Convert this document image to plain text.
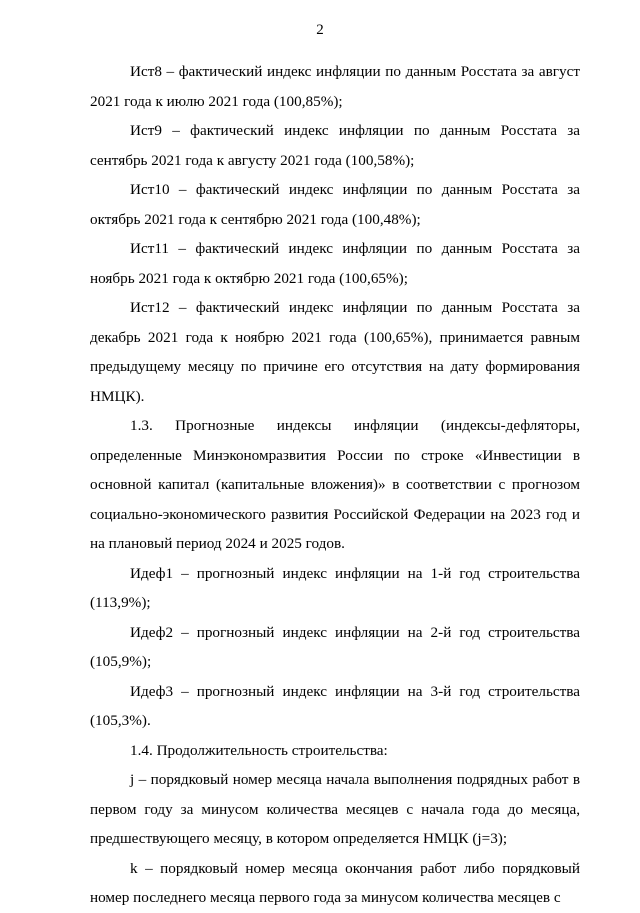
2

Ист8 – фактический индекс инфляции по данным Росстата за август 2021 года к июлю 2021 года (100,85%);

Ист9 – фактический индекс инфляции по данным Росстата за сентябрь 2021 года к августу 2021 года (100,58%);

Ист10 – фактический индекс инфляции по данным Росстата за октябрь 2021 года к сентябрю 2021 года (100,48%);

Ист11 – фактический индекс инфляции по данным Росстата за ноябрь 2021 года к октябрю 2021 года (100,65%);

Ист12 – фактический индекс инфляции по данным Росстата за декабрь 2021 года к ноябрю 2021 года (100,65%), принимается равным предыдущему месяцу по причине его отсутствия на дату формирования НМЦК).

1.3. Прогнозные индексы инфляции (индексы-дефляторы, определенные Минэкономразвития России по строке «Инвестиции в основной капитал (капитальные вложения)» в соответствии с прогнозом социально-экономического развития Российской Федерации на 2023 год и на плановый период 2024 и 2025 годов.

Идеф1 – прогнозный индекс инфляции на 1-й год строительства (113,9%);

Идеф2 – прогнозный индекс инфляции на 2-й год строительства (105,9%);

Идеф3 – прогнозный индекс инфляции на 3-й год строительства (105,3%).

1.4. Продолжительность строительства:

j – порядковый номер месяца начала выполнения подрядных работ в первом году за минусом количества месяцев с начала года до месяца, предшествующего месяцу, в котором определяется НМЦК (j=3);

k – порядковый номер месяца окончания работ либо порядковый номер последнего месяца первого года за минусом количества месяцев с
